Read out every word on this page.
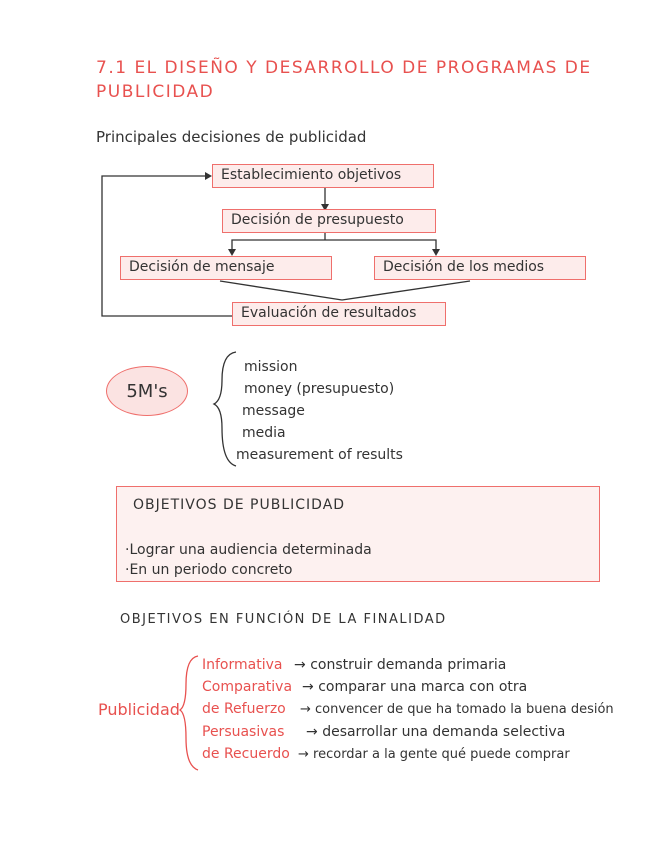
7.1 EL DISEÑO Y DESARROLLO DE PROGRAMAS DE
PUBLICIDAD
Principales decisiones de publicidad
Establecimiento objetivos
Decisión de presupuesto
Decisión de mensaje	Decisión de los medios
Evaluación de resultados
5M's
mission
money (presupuesto)
message
media
measurement of results
OBJETIVOS DE PUBLICIDAD
·Lograr una audiencia determinada
·En un periodo concreto
OBJETIVOS EN FUNCIÓN DE LA FINALIDAD
Publicidad
Informativa → construir demanda primaria
Comparativa → comparar una marca con otra
de Refuerzo → convencer de que ha tomado la buena desión
Persuasivas → desarrollar una demanda selectiva
de Recuerdo → recordar a la gente qué puede comprar
